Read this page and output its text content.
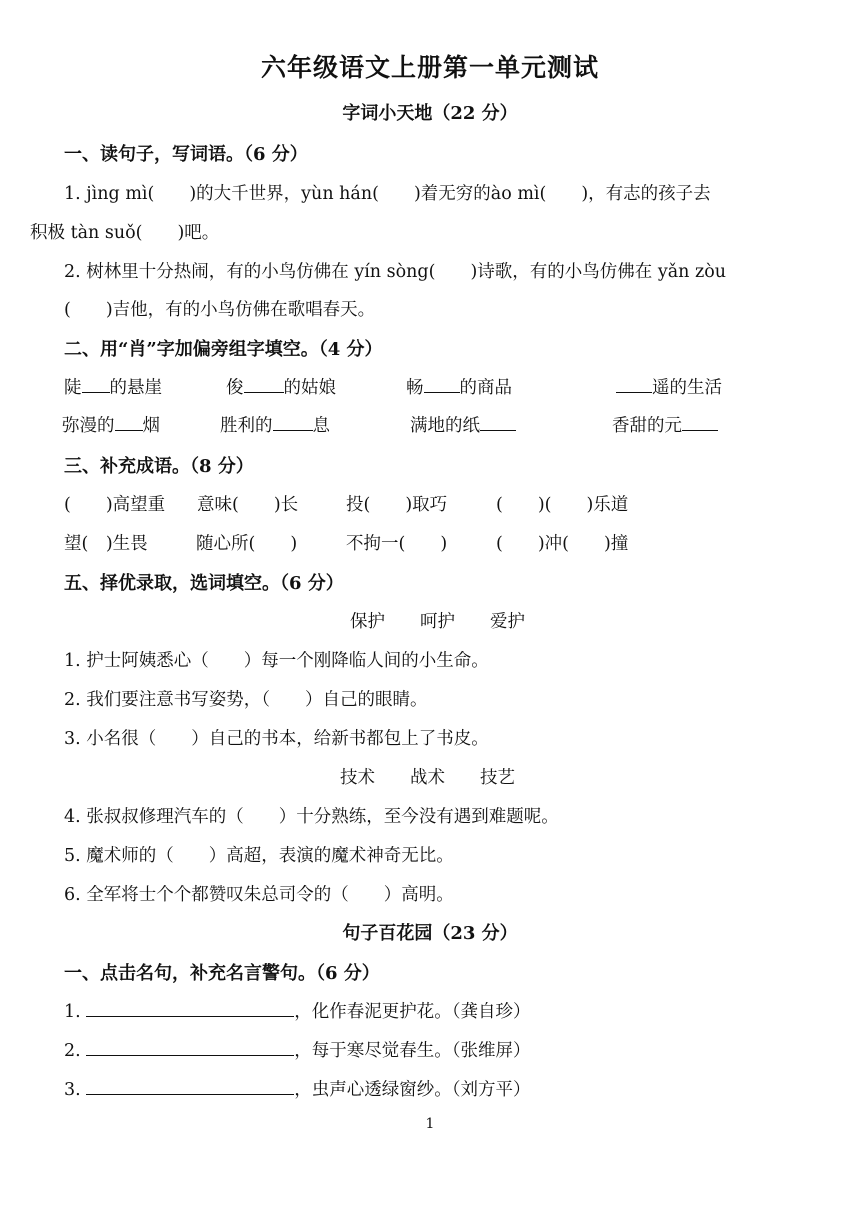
六年级语文上册第一单元测试
字词小天地（22 分）
一、读句子，写词语。（6 分）
1. jìng mì(　　)的大千世界，yùn hán(　　)着无穷的ào mì(　　)，有志的孩子去
积极 tàn suǒ(　　)吧。
2. 树林里十分热闹，有的小鸟仿佛在 yín sòng(　　)诗歌，有的小鸟仿佛在 yǎn zòu
(　　)吉他，有的小鸟仿佛在歌唱春天。
二、用“肖”字加偏旁组字填空。（4 分）
陡 的悬崖	俊 的姑娘	畅 的商品	遥的生活
弥漫的 烟	胜利的 息	满地的纸	香甜的元
三、补充成语。（8 分）
(　　)高望重 意味(　　)长	投(　　)取巧	(　　)(　　)乐道
望(　)生畏	随心所(　　)	不拘一(　　)	(　　)冲(　　)撞
五、择优录取，选词填空。（6 分）
保护　　呵护　　爱护
1. 护士阿姨悉心（　　）每一个刚降临人间的小生命。
2. 我们要注意书写姿势，（　　）自己的眼睛。
3. 小名很（　　）自己的书本，给新书都包上了书皮。
技术　　战术　　技艺
4. 张叔叔修理汽车的（　　）十分熟练，至今没有遇到难题呢。
5. 魔术师的（　　）高超，表演的魔术神奇无比。
6. 全军将士个个都赞叹朱总司令的（　　）高明。
句子百花园（23 分）
一、点击名句，补充名言警句。（6 分）
1.	，化作春泥更护花。（龚自珍）
2.	，每于寒尽觉春生。（张维屏）
3.	，虫声心透绿窗纱。（刘方平）
1
